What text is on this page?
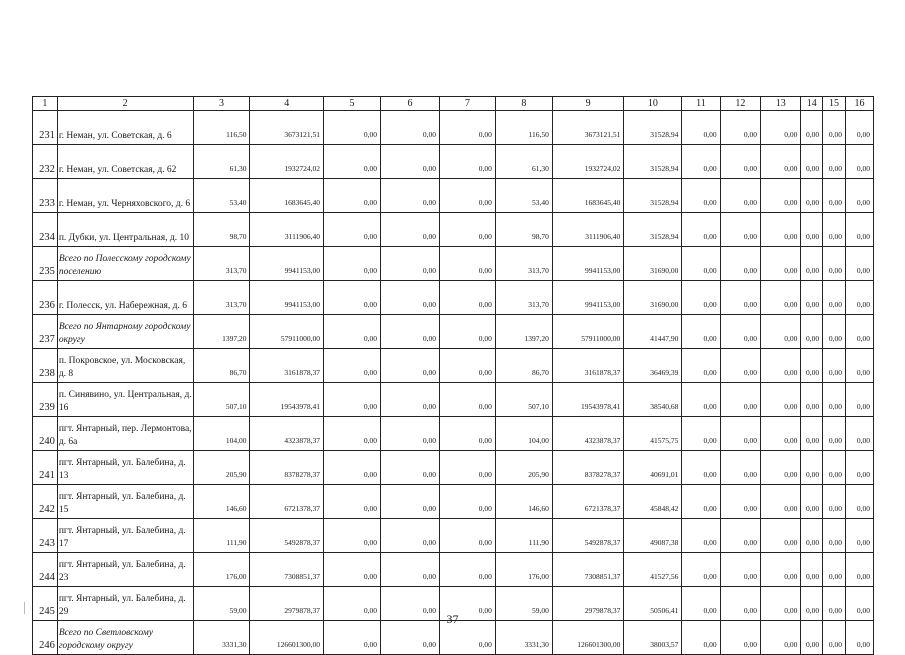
1	2	3	4	5	6	7	8	9	10	11	12	13	14	15	16
231	г. Неман, ул. Советская, д. 6	116,50	3673121,51	0,00	0,00	0,00	116,50	3673121,51	31528,94	0,00	0,00	0,00	0,00	0,00	0,00
232	г. Неман, ул. Советская, д. 62	61,30	1932724,02	0,00	0,00	0,00	61,30	1932724,02	31528,94	0,00	0,00	0,00	0,00	0,00	0,00
233	г. Неман, ул. Черняховского, д. 6	53,40	1683645,40	0,00	0,00	0,00	53,40	1683645,40	31528,94	0,00	0,00	0,00	0,00	0,00	0,00
234	п. Дубки, ул. Центральная, д. 10	98,70	3111906,40	0,00	0,00	0,00	98,70	3111906,40	31528,94	0,00	0,00	0,00	0,00	0,00	0,00
235	Всего по Полесскому городскому поселению	313,70	9941153,00	0,00	0,00	0,00	313,70	9941153,00	31690,00	0,00	0,00	0,00	0,00	0,00	0,00
236	г. Полесск, ул. Набережная, д. 6	313,70	9941153,00	0,00	0,00	0,00	313,70	9941153,00	31690,00	0,00	0,00	0,00	0,00	0,00	0,00
237	Всего по Янтарному городскому округу	1397,20	57911000,00	0,00	0,00	0,00	1397,20	57911000,00	41447,90	0,00	0,00	0,00	0,00	0,00	0,00
238	п. Покровское, ул. Московская, д. 8	86,70	3161878,37	0,00	0,00	0,00	86,70	3161878,37	36469,39	0,00	0,00	0,00	0,00	0,00	0,00
239	п. Синявино, ул. Центральная, д. 16	507,10	19543978,41	0,00	0,00	0,00	507,10	19543978,41	38540,68	0,00	0,00	0,00	0,00	0,00	0,00
240	пгт. Янтарный, пер. Лермонтова, д. 6а	104,00	4323878,37	0,00	0,00	0,00	104,00	4323878,37	41575,75	0,00	0,00	0,00	0,00	0,00	0,00
241	пгт. Янтарный, ул. Балебина, д. 13	205,90	8378278,37	0,00	0,00	0,00	205,90	8378278,37	40691,01	0,00	0,00	0,00	0,00	0,00	0,00
242	пгт. Янтарный, ул. Балебина, д. 15	146,60	6721378,37	0,00	0,00	0,00	146,60	6721378,37	45848,42	0,00	0,00	0,00	0,00	0,00	0,00
243	пгт. Янтарный, ул. Балебина, д. 17	111,90	5492878,37	0,00	0,00	0,00	111,90	5492878,37	49087,38	0,00	0,00	0,00	0,00	0,00	0,00
244	пгт. Янтарный, ул. Балебина, д. 23	176,00	7308851,37	0,00	0,00	0,00	176,00	7308851,37	41527,56	0,00	0,00	0,00	0,00	0,00	0,00
245	пгт. Янтарный, ул. Балебина, д. 29	59,00	2979878,37	0,00	0,00	0,00	59,00	2979878,37	50506,41	0,00	0,00	0,00	0,00	0,00	0,00
246	Всего по Светловскому городскому округу	3331,30	126601300,00	0,00	0,00	0,00	3331,30	126601300,00	38003,57	0,00	0,00	0,00	0,00	0,00	0,00
37
